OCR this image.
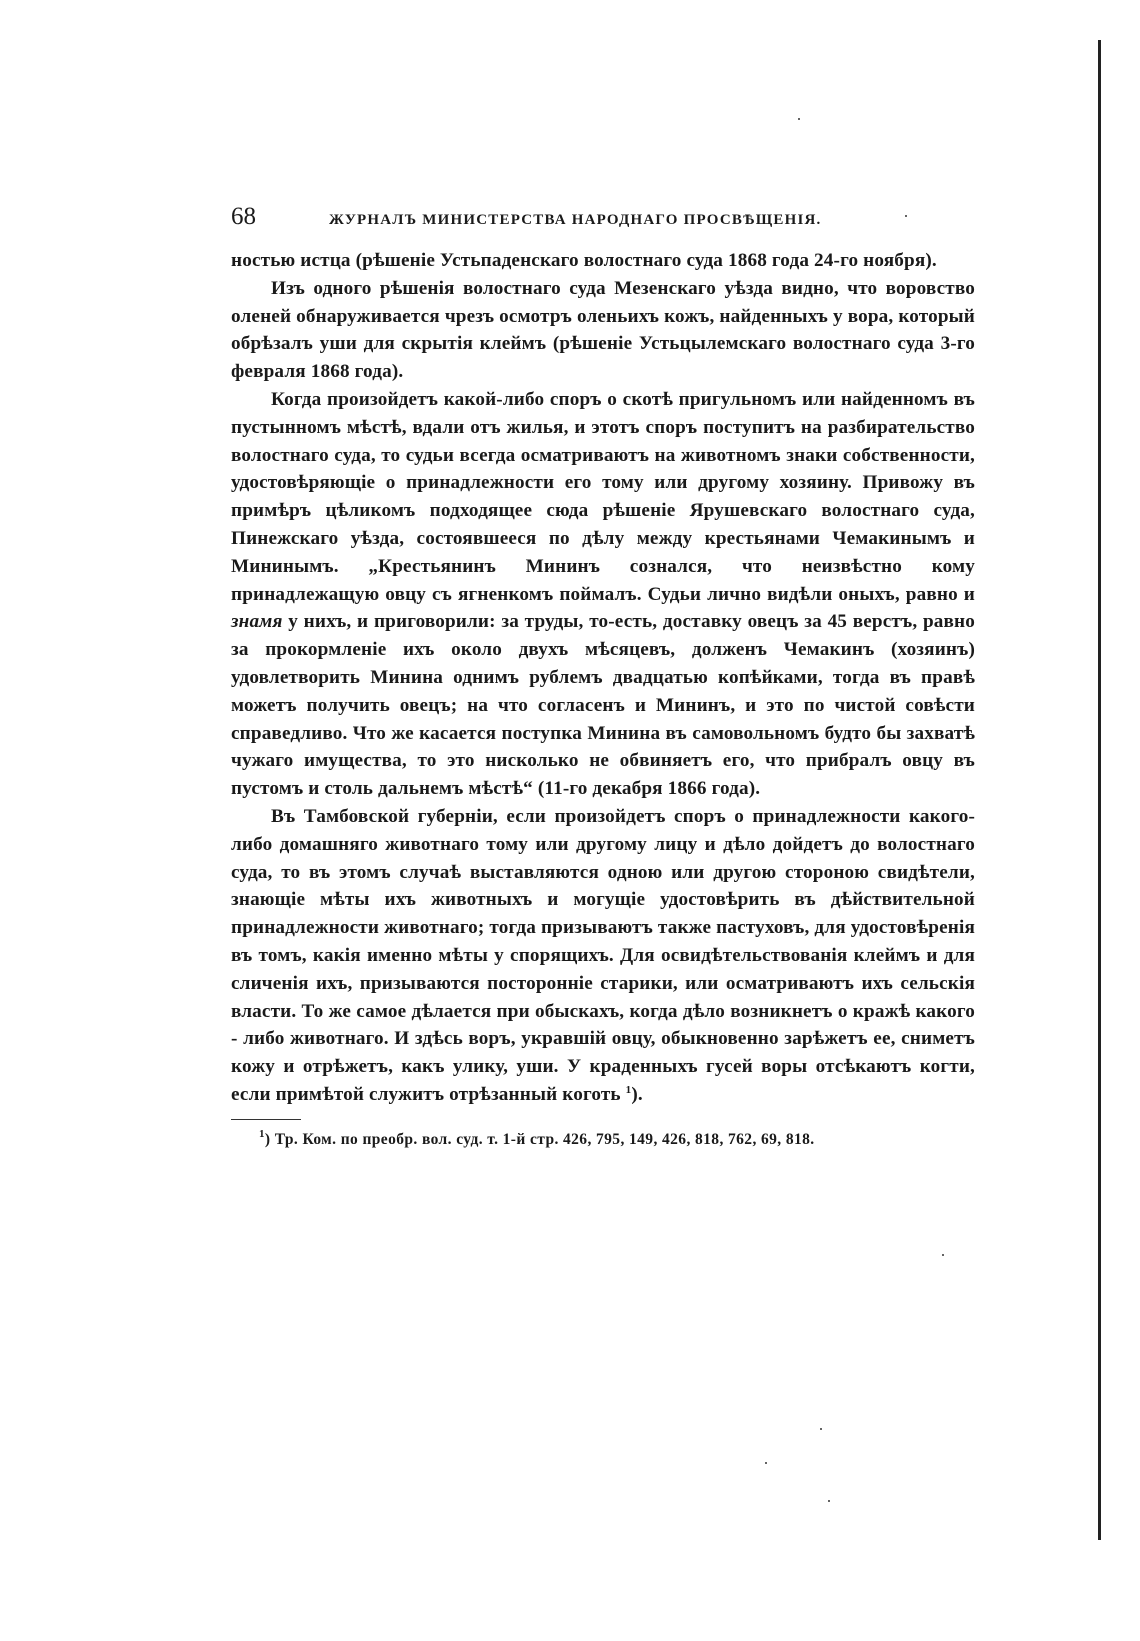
68	ЖУРНАЛЪ МИНИСТЕРСТВА НАРОДНАГО ПРОСВѢЩЕНІЯ.

ностью истца (рѣшеніе Устьпаденскаго волостнаго суда 1868 года 24-го ноября).

Изъ одного рѣшенія волостнаго суда Мезенскаго уѣзда видно, что воровство оленей обнаруживается чрезъ осмотръ оленьихъ кожъ, найденныхъ у вора, который обрѣзалъ уши для скрытія клеймъ (рѣшеніе Устьцылемскаго волостнаго суда 3-го февраля 1868 года).

Когда произойдетъ какой-либо споръ о скотѣ пригульномъ или найденномъ въ пустынномъ мѣстѣ, вдали отъ жилья, и этотъ споръ поступитъ на разбирательство волостнаго суда, то судьи всегда осматриваютъ на животномъ знаки собственности, удостовѣряющіе о принадлежности его тому или другому хозяину. Привожу въ примѣръ цѣликомъ подходящее сюда рѣшеніе Ярушевскаго волостнаго суда, Пинежскаго уѣзда, состоявшееся по дѣлу между крестьянами Чемакинымъ и Мининымъ. „Крестьянинъ Мининъ сознался, что неизвѣстно кому принадлежащую овцу съ ягненкомъ поймалъ. Судьи лично видѣли оныхъ, равно и знамя у нихъ, и приговорили: за труды, то-есть, доставку овецъ за 45 верстъ, равно за прокормленіе ихъ около двухъ мѣсяцевъ, долженъ Чемакинъ (хозяинъ) удовлетворить Минина однимъ рублемъ двадцатью копѣйками, тогда въ правѣ можетъ получить овецъ; на что согласенъ и Мининъ, и это по чистой совѣсти справедливо. Что же касается поступка Минина въ самовольномъ будто бы захватѣ чужаго имущества, то это нисколько не обвиняетъ его, что прибралъ овцу въ пустомъ и столь дальнемъ мѣстѣ“ (11-го декабря 1866 года).

Въ Тамбовской губерніи, если произойдетъ споръ о принадлежности какого-либо домашняго животнаго тому или другому лицу и дѣло дойдетъ до волостнаго суда, то въ этомъ случаѣ выставляются одною или другою стороною свидѣтели, знающіе мѣты ихъ животныхъ и могущіе удостовѣрить въ дѣйствительной принадлежности животнаго; тогда призываютъ также пастуховъ, для удостовѣренія въ томъ, какія именно мѣты у спорящихъ. Для освидѣтельствованія клеймъ и для сличенія ихъ, призываются посторонніе старики, или осматриваютъ ихъ сельскія власти. То же самое дѣлается при обыскахъ, когда дѣло возникнетъ о кражѣ какого - либо животнаго. И здѣсь воръ, укравшій овцу, обыкновенно зарѣжетъ ее, сниметъ кожу и отрѣжетъ, какъ улику, уши. У краденныхъ гусей воры отсѣкаютъ когти, если примѣтой служитъ отрѣзанный коготь $^1$).

$^1$) Тр. Ком. по преобр. вол. суд. т. 1-й стр. 426, 795, 149, 426, 818, 762, 69, 818.
